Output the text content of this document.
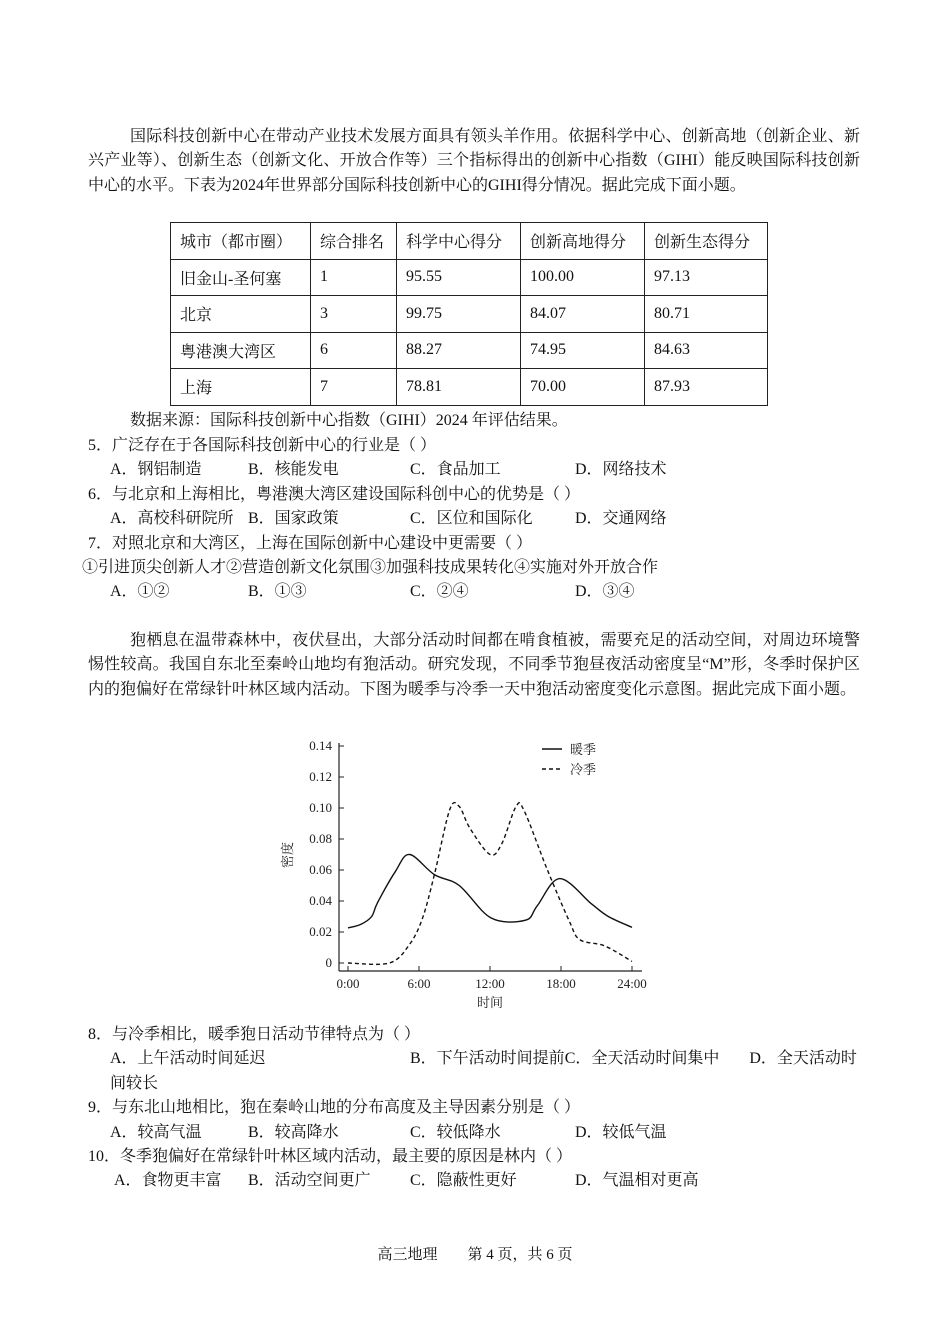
国际科技创新中心在带动产业技术发展方面具有领头羊作用。依据科学中心、创新高地（创新企业、新兴产业等）、创新生态（创新文化、开放合作等）三个指标得出的创新中心指数（GIHI）能反映国际科技创新中心的水平。下表为2024年世界部分国际科技创新中心的GIHI得分情况。据此完成下面小题。
城市（都市圈）	综合排名	科学中心得分	创新高地得分	创新生态得分
旧金山-圣何塞	1	95.55	100.00	97.13
北京	3	99.75	84.07	80.71
粤港澳大湾区	6	88.27	74.95	84.63
上海	7	78.81	70.00	87.93
数据来源：国际科技创新中心指数（GIHI）2024 年评估结果。
5．广泛存在于各国际科技创新中心的行业是（ ）
A．钢铝制造	B．核能发电	C．食品加工	D．网络技术
6．与北京和上海相比，粤港澳大湾区建设国际科创中心的优势是（ ）
A．高校科研院所 B．国家政策	C．区位和国际化	D．交通网络
7．对照北京和大湾区，上海在国际创新中心建设中更需要（ ）
①引进顶尖创新人才②营造创新文化氛围③加强科技成果转化④实施对外开放合作
A．①②	B．①③	C．②④	D．③④
狍栖息在温带森林中，夜伏昼出，大部分活动时间都在啃食植被，需要充足的活动空间，对周边环境警惕性较高。我国自东北至秦岭山地均有狍活动。研究发现，不同季节狍昼夜活动密度呈“M”形，冬季时保护区内的狍偏好在常绿针叶林区域内活动。下图为暖季与冷季一天中狍活动密度变化示意图。据此完成下面小题。
0
0.02
0.04
0.06
0.08
0.10
0.12
0.14
0:00	6:00	12:00	18:00	24:00
时间
密度
暖季
冷季
8．与冷季相比，暖季狍日活动节律特点为（ ）
A．上午活动时间延迟	B．下午活动时间提前C．全天活动时间集中 D．全天活动时间较长
9．与东北山地相比，狍在秦岭山地的分布高度及主导因素分别是（ ）
A．较高气温	B．较高降水	C．较低降水	D．较低气温
10．冬季狍偏好在常绿针叶林区域内活动，最主要的原因是林内（ ）
A．食物更丰富 B．活动空间更广 C．隐蔽性更好	D．气温相对更高
高三地理　　第 4 页，共 6 页
